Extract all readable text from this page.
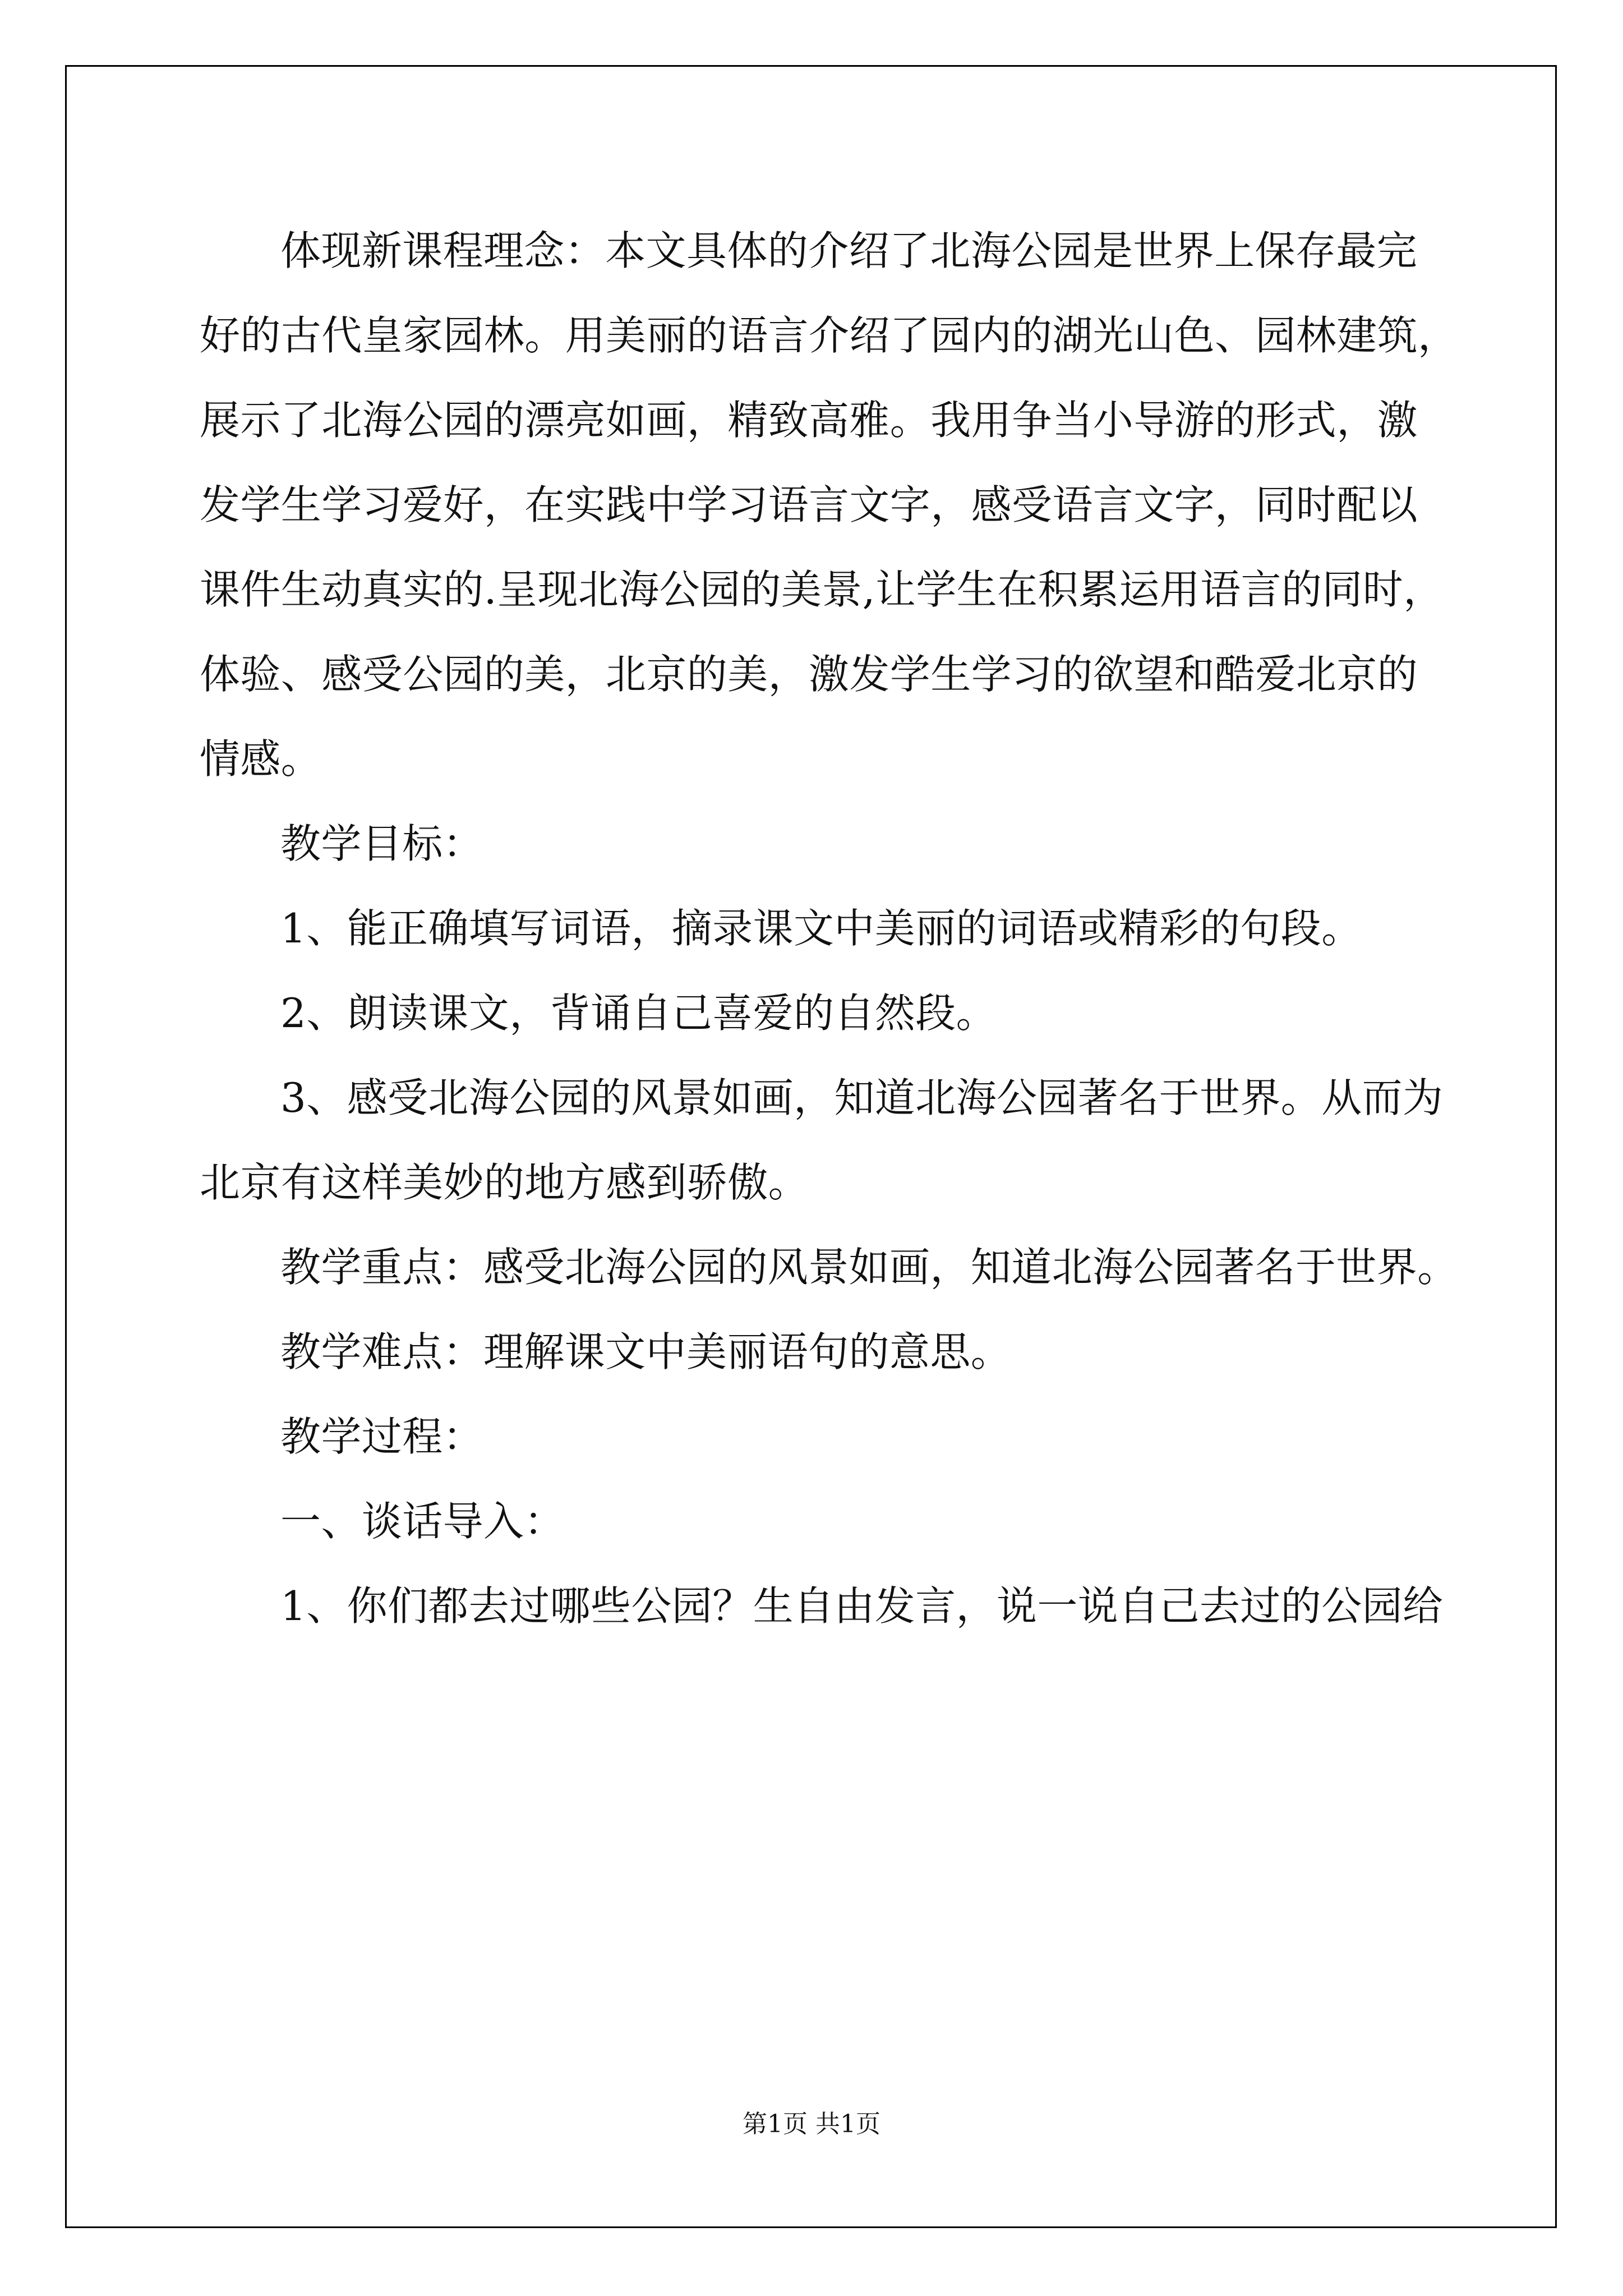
体现新课程理念：本文具体的介绍了北海公园是世界上保存最完
好的古代皇家园林。用美丽的语言介绍了园内的湖光山色、园林建筑，
展示了北海公园的漂亮如画，精致高雅。我用争当小导游的形式，激
发学生学习爱好，在实践中学习语言文字，感受语言文字，同时配以
课件生动真实的.呈现北海公园的美景,让学生在积累运用语言的同时，
体验、感受公园的美，北京的美，激发学生学习的欲望和酷爱北京的
情感。
教学目标：
1、能正确填写词语，摘录课文中美丽的词语或精彩的句段。
2、朗读课文，背诵自己喜爱的自然段。
3、感受北海公园的风景如画，知道北海公园著名于世界。从而为
北京有这样美妙的地方感到骄傲。
教学重点：感受北海公园的风景如画，知道北海公园著名于世界。
教学难点：理解课文中美丽语句的意思。
教学过程：
一、谈话导入：
1、你们都去过哪些公园？生自由发言，说一说自己去过的公园给
第1页 共1页
